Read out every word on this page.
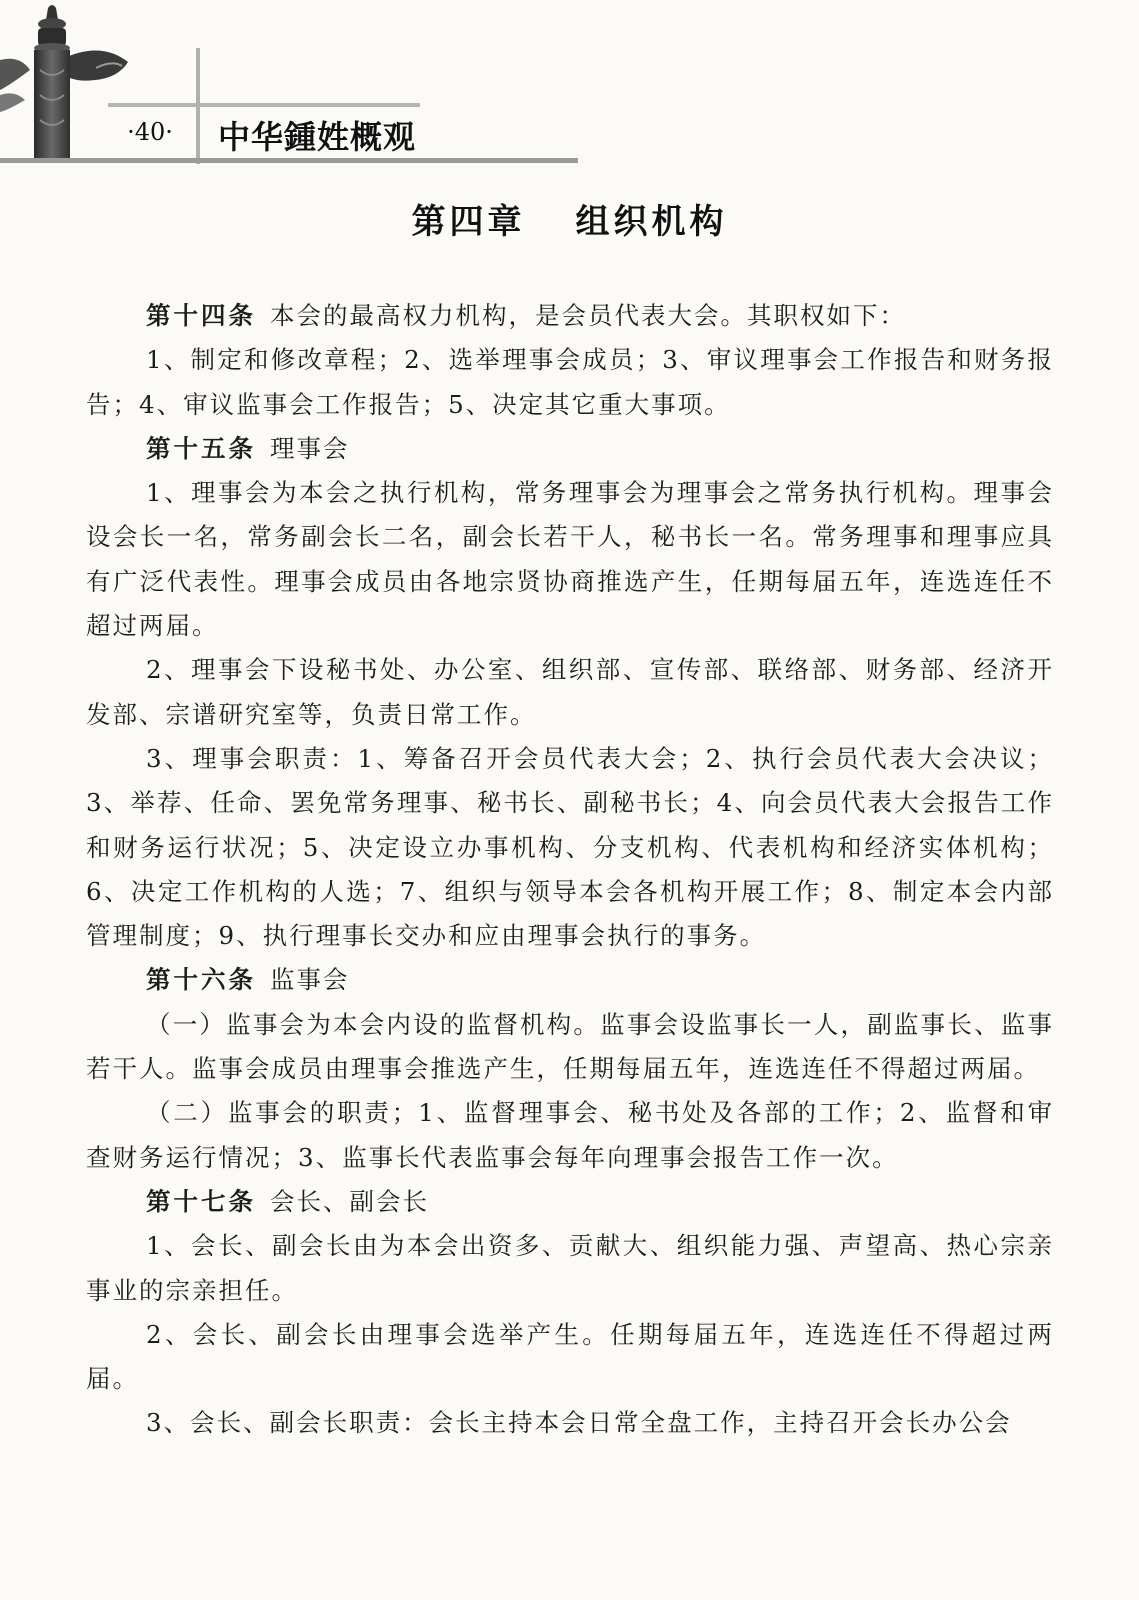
·40·	中华鍾姓概观
第四章 组织机构

第十四条 本会的最高权力机构，是会员代表大会。其职权如下：

1、制定和修改章程；2、选举理事会成员；3、审议理事会工作报告和财务报告；4、审议监事会工作报告；5、决定其它重大事项。

第十五条 理事会

1、理事会为本会之执行机构，常务理事会为理事会之常务执行机构。理事会设会长一名，常务副会长二名，副会长若干人，秘书长一名。常务理事和理事应具有广泛代表性。理事会成员由各地宗贤协商推选产生，任期每届五年，连选连任不超过两届。

2、理事会下设秘书处、办公室、组织部、宣传部、联络部、财务部、经济开发部、宗谱研究室等，负责日常工作。

3、理事会职责：1、筹备召开会员代表大会；2、执行会员代表大会决议；3、举荐、任命、罢免常务理事、秘书长、副秘书长；4、向会员代表大会报告工作和财务运行状况；5、决定设立办事机构、分支机构、代表机构和经济实体机构；6、决定工作机构的人选；7、组织与领导本会各机构开展工作；8、制定本会内部管理制度；9、执行理事长交办和应由理事会执行的事务。

第十六条 监事会

（一）监事会为本会内设的监督机构。监事会设监事长一人，副监事长、监事若干人。监事会成员由理事会推选产生，任期每届五年，连选连任不得超过两届。

（二）监事会的职责；1、监督理事会、秘书处及各部的工作；2、监督和审查财务运行情况；3、监事长代表监事会每年向理事会报告工作一次。

第十七条 会长、副会长

1、会长、副会长由为本会出资多、贡献大、组织能力强、声望高、热心宗亲事业的宗亲担任。

2、会长、副会长由理事会选举产生。任期每届五年，连选连任不得超过两届。

3、会长、副会长职责：会长主持本会日常全盘工作，主持召开会长办公会
